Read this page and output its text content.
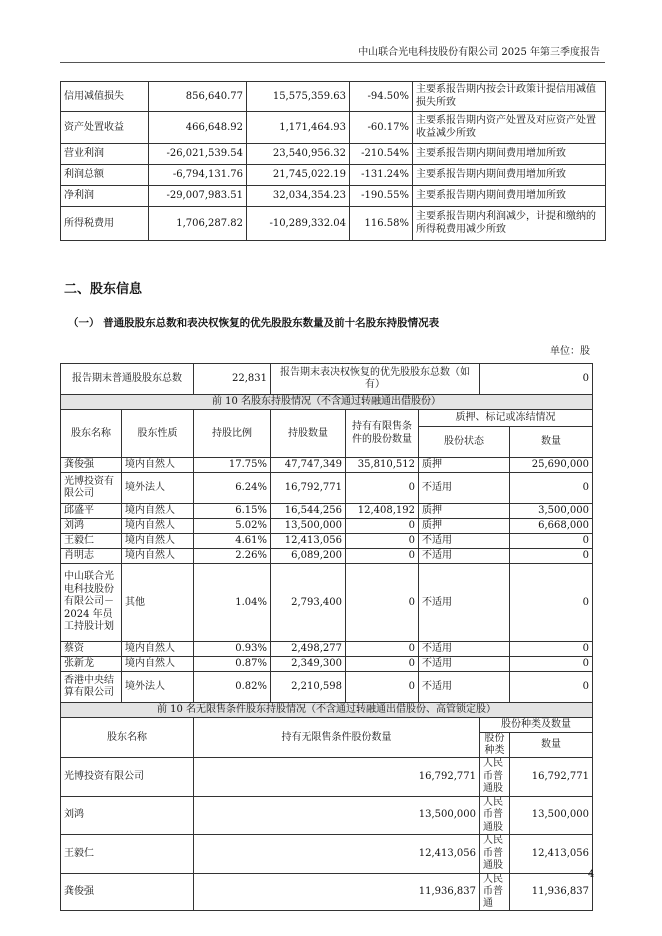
中山联合光电科技股份有限公司 2025 年第三季度报告
信用减值损失	856,640.77	15,575,359.63	-94.50%	主要系报告期内按会计政策计提信用减值损失所致
资产处置收益	466,648.92	1,171,464.93	-60.17%	主要系报告期内资产处置及对应资产处置收益减少所致
营业利润	-26,021,539.54	23,540,956.32	-210.54%	主要系报告期内期间费用增加所致
利润总额	-6,794,131.76	21,745,022.19	-131.24%	主要系报告期内期间费用增加所致
净利润	-29,007,983.51	32,034,354.23	-190.55%	主要系报告期内期间费用增加所致
所得税费用	1,706,287.82	-10,289,332.04	116.58%	主要系报告期内利润减少，计提和缴纳的所得税费用减少所致
二、股东信息
（一） 普通股股东总数和表决权恢复的优先股股东数量及前十名股东持股情况表
单位：股
报告期末普通股股东总数		22,831	报告期末表决权恢复的优先股股东总数（如有）			0	
前 10 名股东持股情况（不含通过转融通出借股份）							
股东名称	股东性质	持股比例	持股数量	持有有限售条件的股份数量	质押、标记或冻结情况		
					股份状态		数量
龚俊强	境内自然人	17.75%	47,747,349	35,810,512	质押		25,690,000
光博投资有限公司	境外法人	6.24%	16,792,771	0	不适用		0
邱盛平	境内自然人	6.15%	16,544,256	12,408,192	质押		3,500,000
刘鸿	境内自然人	5.02%	13,500,000	0	质押		6,668,000
王毅仁	境内自然人	4.61%	12,413,056	0	不适用		0
肖明志	境内自然人	2.26%	6,089,200	0	不适用		0
中山联合光电科技股份有限公司－2024 年员工持股计划	其他	1.04%	2,793,400	0	不适用		0
蔡资	境内自然人	0.93%	2,498,277	0	不适用		0
张新龙	境内自然人	0.87%	2,349,300	0	不适用		0
香港中央结算有限公司	境外法人	0.82%	2,210,598	0	不适用		0
前 10 名无限售条件股东持股情况（不含通过转融通出借股份、高管锁定股）							
股东名称		持有无限售条件股份数量				股份种类及数量	
						股份种类	数量
光博投资有限公司		16,792,771				人民币普通股	16,792,771
刘鸿		13,500,000				人民币普通股	13,500,000
王毅仁		12,413,056				人民币普通股	12,413,056
龚俊强		11,936,837				人民币普通	11,936,837
4
